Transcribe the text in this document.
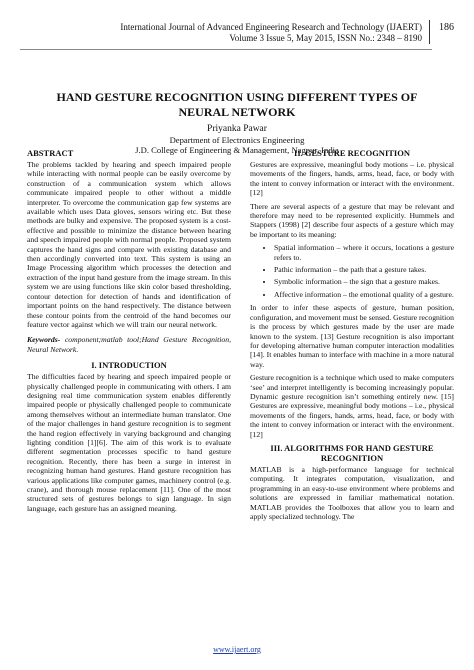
International Journal of Advanced Engineering Research and Technology (IJAERT)
Volume 3 Issue 5, May 2015, ISSN No.: 2348 – 8190
186
HAND GESTURE RECOGNITION USING DIFFERENT TYPES OF NEURAL NETWORK
Priyanka Pawar
Department of Electronics Engineering
J.D. College of Engineering & Management, Nagpur, India
ABSTRACT

The problems tackled by hearing and speech impaired people while interacting with normal people can be easily overcome by construction of a communication system which allows communicate impaired people to other without a middle interpreter. To overcome the communication gap few systems are available which uses Data gloves, sensors wiring etc. But these methods are bulky and expensive. The proposed system is a cost-effective and possible to minimize the distance between hearing and speech impaired people with normal people. Proposed system captures the hand signs and compare with existing database and then accordingly converted into text. This system is using an Image Processing algorithm which processes the detection and extraction of the input hand gesture from the image stream. In this system we are using functions like skin color based thresholding, contour detection for detection of hands and identification of important points on the hand respectively. The distance between these contour points from the centroid of the hand becomes our feature vector against which we will train our neural network.

Keywords- component;matlab tool;Hand Gesture Recognition, Neural Network.
I. INTRODUCTION

The difficulties faced by hearing and speech impaired people or physically challenged people in communicating with others. I am designing real time communication system enables differently impaired people or physically challenged people to communicate among themselves without an intermediate human translator. One of the major challenges in hand gesture recognition is to segment the hand region effectively in varying background and changing lighting condition [1][6]. The aim of this work is to evaluate different segmentation processes specific to hand gesture recognition. Recently, there has been a surge in interest in recognizing human hand gestures. Hand gesture recognition has various applications like computer games, machinery control (e.g. crane), and thorough mouse replacement [11]. One of the most structured sets of gestures belongs to sign language. In sign language, each gesture has an assigned meaning.

II. GESTURE RECOGNITION

Gestures are expressive, meaningful body motions – i.e. physical movements of the fingers, hands, arms, head, face, or body with the intent to convey information or interact with the environment. [12]

There are several aspects of a gesture that may be relevant and therefore may need to be represented explicitly. Hummels and Stappers (1998) [2] describe four aspects of a gesture which may be important to its meaning:

• Spatial information – where it occurs, locations a gesture refers to.
• Pathic information – the path that a gesture takes.
• Symbolic information – the sign that a gesture makes.
• Affective information – the emotional quality of a gesture.

In order to infer these aspects of gesture, human position, configuration, and movement must be sensed. Gesture recognition is the process by which gestures made by the user are made known to the system. [13] Gesture recognition is also important for developing alternative human computer interaction modalities [14]. It enables human to interface with machine in a more natural way.

Gesture recognition is a technique which used to make computers ‘see’ and interpret intelligently is becoming increasingly popular. Dynamic gesture recognition isn’t something entirely new. [15] Gestures are expressive, meaningful body motions – i.e., physical movements of the fingers, hands, arms, head, face, or body with the intent to convey information or interact with the environment. [12]

III. ALGORITHMS FOR HAND GESTURE RECOGNITION

MATLAB is a high-performance language for technical computing. It integrates computation, visualization, and programming in an easy-to-use environment where problems and solutions are expressed in familiar mathematical notation. MATLAB provides the Toolboxes that allow you to learn and apply specialized technology. The

www.ijaert.org
